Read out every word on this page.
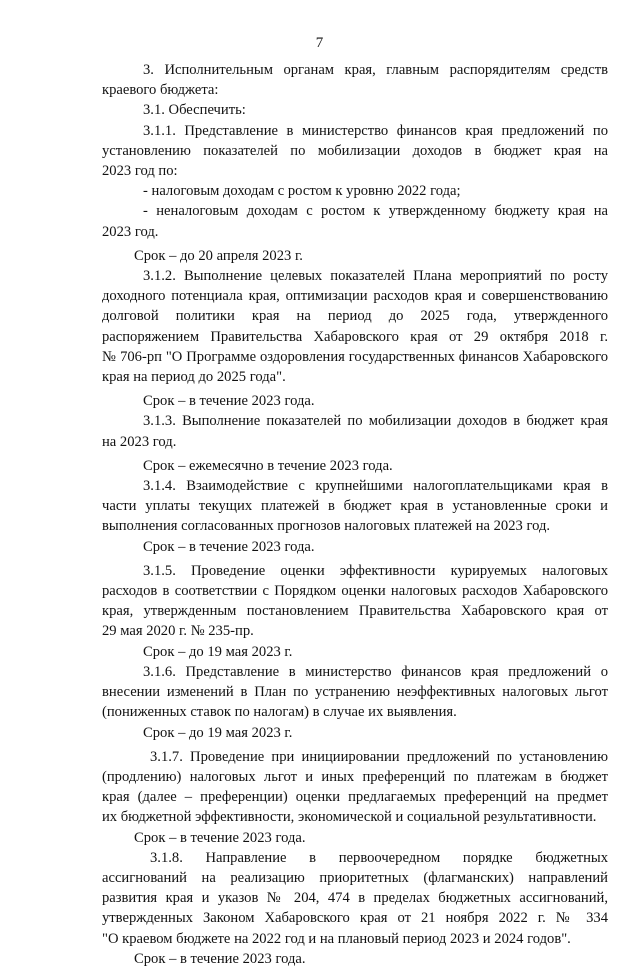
7

3. Исполнительным органам края, главным распорядителям средств
краевого бюджета:

3.1. Обеспечить:

3.1.1. Представление в министерство финансов края предложений по
установлению показателей по мобилизации доходов в бюджет края на
2023 год по:

- налоговым доходам с ростом к уровню 2022 года;

- неналоговым доходам с ростом к утвержденному бюджету края на
2023 год.

Срок – до 20 апреля 2023 г.

3.1.2. Выполнение целевых показателей Плана мероприятий по росту
доходного потенциала края, оптимизации расходов края и совершенствованию
долговой политики края на период до 2025 года, утвержденного
распоряжением Правительства Хабаровского края от 29 октября 2018 г.
№ 706-рп "О Программе оздоровления государственных финансов Хабаровского
края на период до 2025 года".

Срок – в течение 2023 года.

3.1.3. Выполнение показателей по мобилизации доходов в бюджет края
на 2023 год.

Срок – ежемесячно в течение 2023 года.

3.1.4. Взаимодействие с крупнейшими налогоплательщиками края в
части уплаты текущих платежей в бюджет края в установленные сроки и
выполнения согласованных прогнозов налоговых платежей на 2023 год.

Срок – в течение 2023 года.

3.1.5. Проведение оценки эффективности курируемых налоговых
расходов в соответствии с Порядком оценки налоговых расходов Хабаровского
края, утвержденным постановлением Правительства Хабаровского края от
29 мая 2020 г. № 235-пр.

Срок – до 19 мая 2023 г.

3.1.6. Представление в министерство финансов края предложений о
внесении изменений в План по устранению неэффективных налоговых льгот
(пониженных ставок по налогам) в случае их выявления.

Срок – до 19 мая 2023 г.

3.1.7. Проведение при инициировании предложений по установлению
(продлению) налоговых льгот и иных преференций по платежам в бюджет
края (далее – преференции) оценки предлагаемых преференций на предмет
их бюджетной эффективности, экономической и социальной результативности.

Срок – в течение 2023 года.

3.1.8. Направление в первоочередном порядке бюджетных
ассигнований на реализацию приоритетных (флагманских) направлений
развития края и указов № 204, 474 в пределах бюджетных ассигнований,
утвержденных Законом Хабаровского края от 21 ноября 2022 г. № 334
"О краевом бюджете на 2022 год и на плановый период 2023 и 2024 годов".

Срок – в течение 2023 года.
